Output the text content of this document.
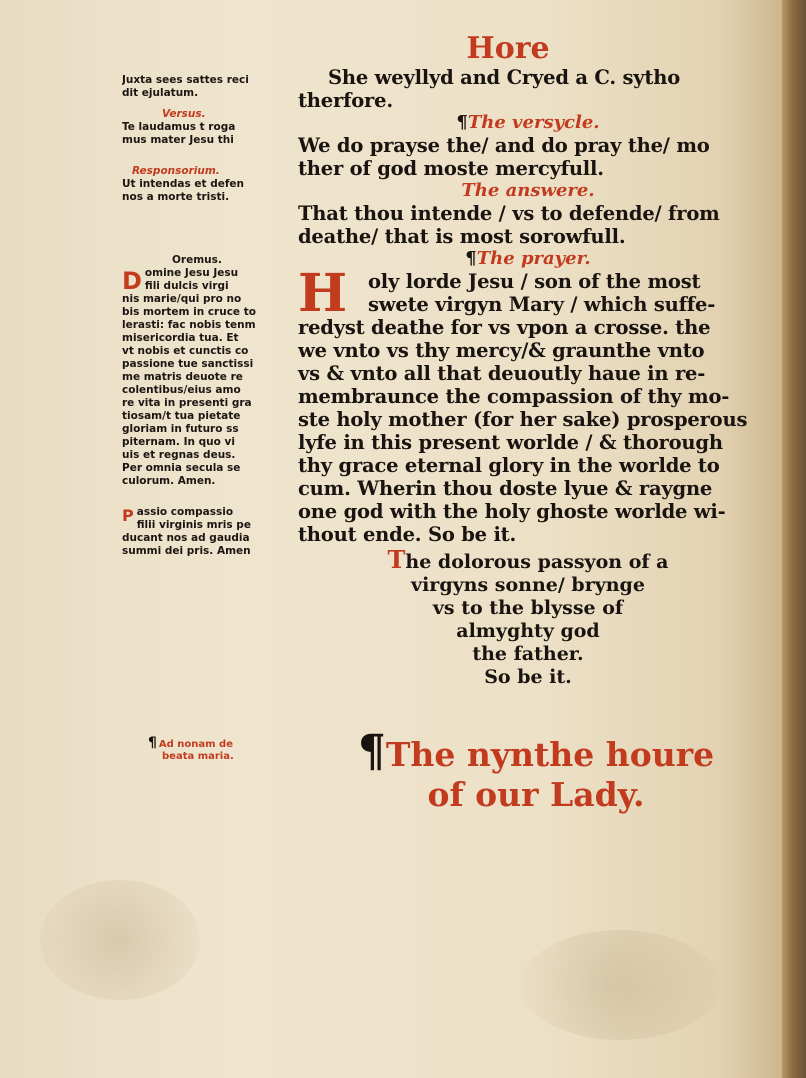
Juxta sees sattes reci
dit ejulatum.
Versus.
Te laudamus t roga
mus mater Jesu thi
Responsorium.
Ut intendas et defen
nos a morte tristi.
Oremus.
D omine Jesu Jesu
fili dulcis virgi
nis marie/qui pro no
bis mortem in cruce to
lerasti: fac nobis tenm
misericordia tua. Et
vt nobis et cunctis co
passione tue sanctissi
me matris deuote re
colentibus/eius amo
re vita in presenti gra
tiosam/t tua pietate
gloriam in futuro ss
piternam. In quo vi
uis et regnas deus.
Per omnia secula se
culorum. Amen.
P assio compassio
filii virginis mris pe
ducant nos ad gaudia
summi dei pris. Amen
¶ Ad nonam de
beata maria.
Hore
She weyllyd and Cryed a C. sytho
therfore.
¶The versycle.
We do prayse the/ and do pray the/ mo
ther of god moste mercyfull.
The answere.
That thou intende / vs to defende/ from
deathe/ that is most sorowfull.
¶The prayer.
H	oly lorde Jesu / son of the most
swete virgyn Mary / which suffe-
redyst deathe for vs vpon a crosse. the
we vnto vs thy mercy/& graunthe vnto
vs & vnto all that deuoutly haue in re-
membraunce the compassion of thy mo-
ste holy mother (for her sake) prosperous
lyfe in this present worlde / & thorough
thy grace eternal glory in the worlde to
cum. Wherin thou doste lyue & raygne
one god with the holy ghoste worlde wi-
thout ende. So be it.
The dolorous passyon of a
virgyns sonne/ brynge
vs to the blysse of
almyghty god
the father.
So be it.
¶The nynthe houre
of our Lady.
